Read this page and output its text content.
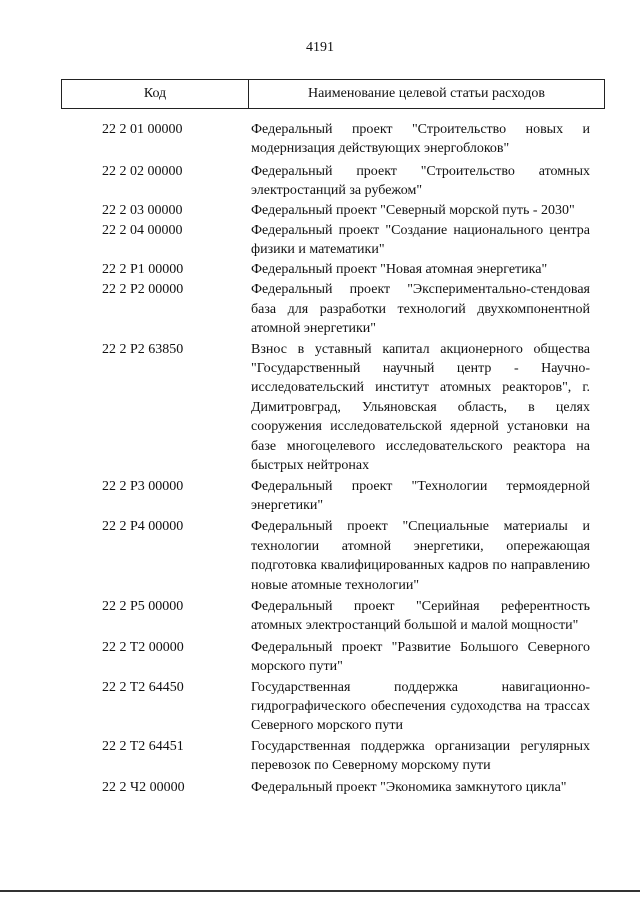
4191
Код	Наименование целевой статьи расходов
22 2 01 00000	Федеральный проект "Строительство новых и модернизация действующих энергоблоков"
22 2 02 00000	Федеральный проект "Строительство атомных электростанций за рубежом"
22 2 03 00000	Федеральный проект "Северный морской путь - 2030"
22 2 04 00000	Федеральный проект "Создание национального центра физики и математики"
22 2 P1 00000	Федеральный проект "Новая атомная энергетика"
22 2 P2 00000	Федеральный проект "Экспериментально-стендовая база для разработки технологий двухкомпонентной атомной энергетики"
22 2 P2 63850	Взнос в уставный капитал акционерного общества "Государственный научный центр - Научно-исследовательский институт атомных реакторов", г. Димитровград, Ульяновская область, в целях сооружения исследовательской ядерной установки на базе многоцелевого исследовательского реактора на быстрых нейтронах
22 2 P3 00000	Федеральный проект "Технологии термоядерной энергетики"
22 2 P4 00000	Федеральный проект "Специальные материалы и технологии атомной энергетики, опережающая подготовка квалифицированных кадров по направлению новые атомные технологии"
22 2 P5 00000	Федеральный проект "Серийная референтность атомных электростанций большой и малой мощности"
22 2 T2 00000	Федеральный проект "Развитие Большого Северного морского пути"
22 2 T2 64450	Государственная поддержка навигационно-гидрографического обеспечения судоходства на трассах Северного морского пути
22 2 T2 64451	Государственная поддержка организации регулярных перевозок по Северному морскому пути
22 2 Ч2 00000	Федеральный проект "Экономика замкнутого цикла"
